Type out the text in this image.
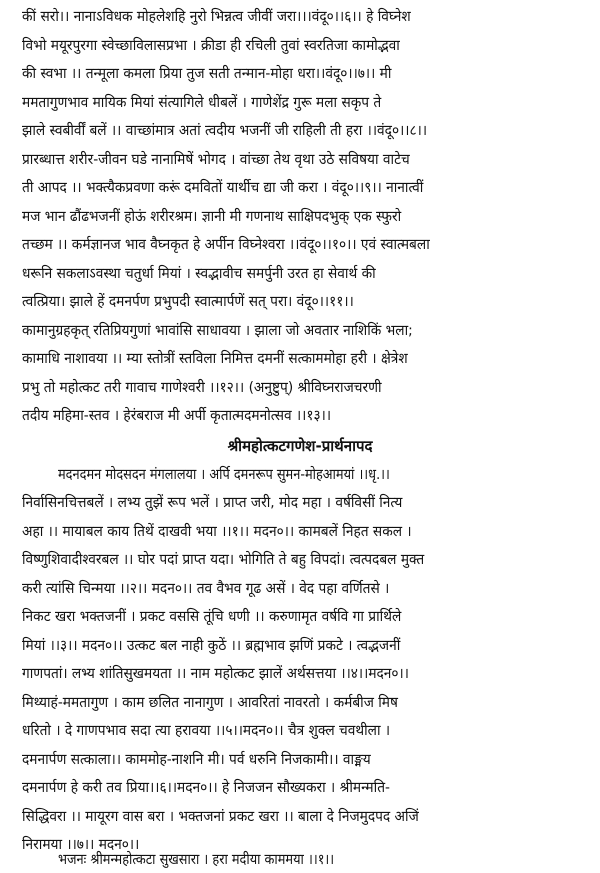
कीं सरो।। नानाऽविधक मोहलेशहि नुरो भिन्नत्व जीवीं जरा।।।वंदू०।।६।। हे विघ्नेश
विभो मयूरपुरगा स्वेच्छाविलासप्रभा । क्रीडा ही रचिली तुवां स्वरतिजा कामोद्भवा
की स्वभा ।। तन्मूला कमला प्रिया तुज सती तन्मान-मोहा धरा।।वंदू०।।७।। मी
ममतागुणभाव मायिक मियां संत्यागिले धीबलें । गाणेशेंद्र गुरू मला सकृप ते
झाले स्वबीर्वीं बलें ।। वाच्छांमात्र अतां त्वदीय भजनीं जी राहिली ती हरा ।।वंदू०।।८।।
प्रारब्धात्त शरीर-जीवन घडे नानामिषें भोगद । वांच्छा तेथ वृथा उठे सविषया वाटेच
ती आपद ।। भक्त्यैकप्रवणा करूं दमवितों यार्थीच द्या जी करा । वंदू०।।९।। नानात्वीं
मज भान ढौंढभजनीं होऊं शरीरश्रम। ज्ञानी मी गणनाथ साक्षिपदभुक् एक स्फुरो
तच्छम ।। कर्मज्ञानज भाव वैघ्नकृत हे अर्पीन विघ्नेश्वरा ।।वंदू०।।१०।। एवं स्वात्मबला
धरूनि सकलाऽवस्था चतुर्धा मियां । स्वद्भावीच समर्पुनी उरत हा सेवार्थ की
त्वत्प्रिया। झाले हें दमनर्पण प्रभुपदी स्वात्मार्पणें सत् परा। वंदू०।।११।।
कामानुग्रहकृत् रतिप्रियगुणां भावांसि साधावया । झाला जो अवतार नाशिकिं भला;
कामाधि नाशावया ।। म्या स्तोत्रीं स्तविला निमित्त दमनीं सत्काममोहा हरी । क्षेत्रेश
प्रभु तो महोत्कट तरी गावाच गाणेश्वरी ।।१२।। (अनुष्टुप्) श्रीविघ्नराजचरणी
तदीय महिमा-स्तव । हेरंबराज मी अर्पी कृतात्मदमनोत्सव ।।१३।।
श्रीमहोत्कटगणेश-प्रार्थनापद
मदनदमन मोदसदन मंगलालया । अर्पि दमनरूप सुमन-मोहआमयां ।।धृ.।।
निर्वासिनचित्तबलें । लभ्य तुझें रूप भलें । प्राप्त जरी, मोद महा । वर्षविसीं नित्य
अहा ।। मायाबल काय तिथें दाखवी भया ।।१।। मदन०।। कामबलें निहत सकल ।
विष्णुशिवादीश्वरबल ।। घोर पदां प्राप्त यदा। भोगिति ते बहु विपदां। त्वत्पदबल मुक्त
करी त्यांसि चिन्मया ।।२।। मदन०।। तव वैभव गूढ असें । वेद पहा वर्णितसे ।
निकट खरा भक्तजनीं । प्रकट वससि तूंचि धणी ।। करुणामृत वर्षवि गा प्रार्थिले
मियां ।।३।। मदन०।। उत्कट बल नाही कुठें ।। ब्रह्मभाव झणिं प्रकटे । त्वद्भजनीं
गाणपतां। लभ्य शांतिसुखमयता ।। नाम महोत्कट झालें अर्थसत्तया ।।४।।मदन०।।
मिथ्याहं-ममतागुण । काम छलित नानागुण । आवरितां नावरतो । कर्मबीज मिष
धरितो । दे गाणपभाव सदा त्या हरावया ।।५।।मदन०।। चैत्र शुक्ल चवथीला ।
दमनार्पण सत्काला।। काममोह-नाशनि मी। पर्व धरुनि निजकामी।। वाङ्मय
दमनार्पण हे करी तव प्रिया।।६।।मदन०।। हे निजजन सौख्यकरा । श्रीमन्मति-
सिद्धिवरा ।। मायूरग वास बरा । भक्तजनां प्रकट खरा ।। बाला दे निजमुदपद अजिं
निरामया ।।७।। मदन०।।
भजनः श्रीमन्महोत्कटा सुखसारा । हरा मदीया काममया ।।१।।
